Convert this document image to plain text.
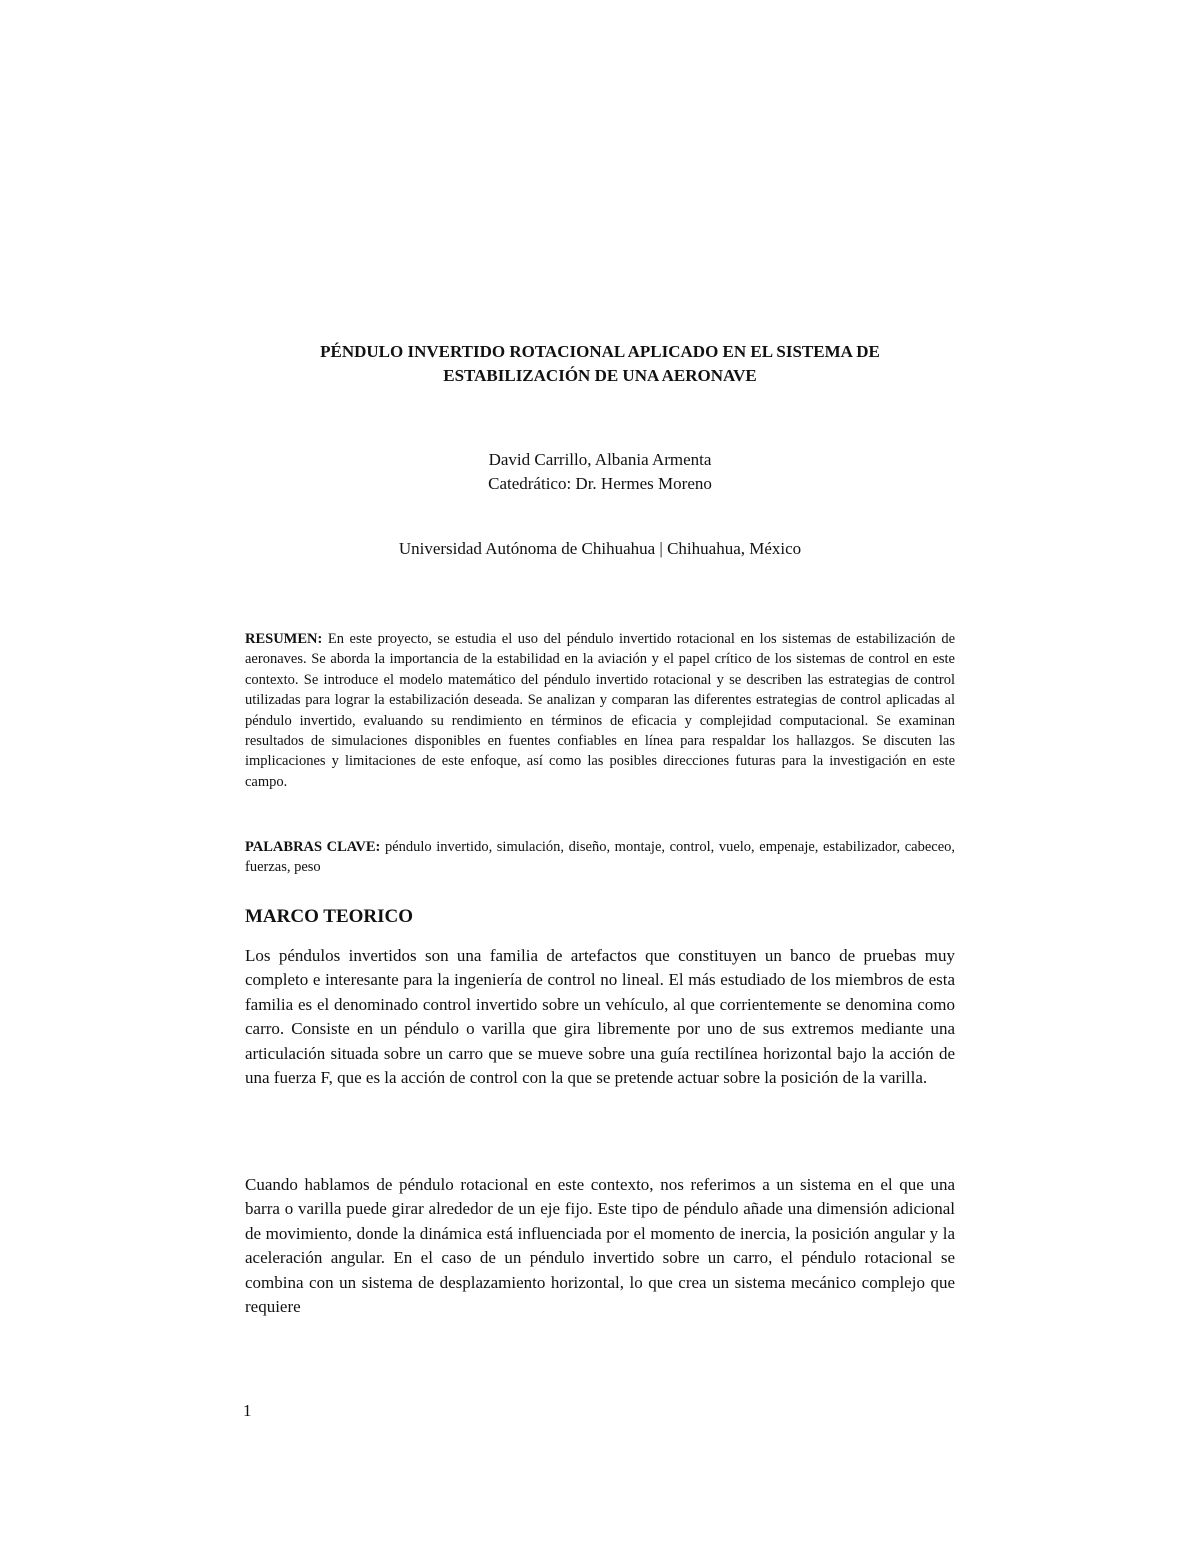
PÉNDULO INVERTIDO ROTACIONAL APLICADO EN EL SISTEMA DE
ESTABILIZACIÓN DE UNA AERONAVE
David Carrillo, Albania Armenta
Catedrático: Dr. Hermes Moreno
Universidad Autónoma de Chihuahua | Chihuahua, México

RESUMEN: En este proyecto, se estudia el uso del péndulo invertido rotacional en los sistemas de estabilización de aeronaves. Se aborda la importancia de la estabilidad en la aviación y el papel crítico de los sistemas de control en este contexto. Se introduce el modelo matemático del péndulo invertido rotacional y se describen las estrategias de control utilizadas para lograr la estabilización deseada. Se analizan y comparan las diferentes estrategias de control aplicadas al péndulo invertido, evaluando su rendimiento en términos de eficacia y complejidad computacional. Se examinan resultados de simulaciones disponibles en fuentes confiables en línea para respaldar los hallazgos. Se discuten las implicaciones y limitaciones de este enfoque, así como las posibles direcciones futuras para la investigación en este campo.

PALABRAS CLAVE: péndulo invertido, simulación, diseño, montaje, control, vuelo, empenaje, estabilizador, cabeceo, fuerzas, peso

MARCO TEORICO

Los péndulos invertidos son una familia de artefactos que constituyen un banco de pruebas muy completo e interesante para la ingeniería de control no lineal. El más estudiado de los miembros de esta familia es el denominado control invertido sobre un vehículo, al que corrientemente se denomina como carro. Consiste en un péndulo o varilla que gira libremente por uno de sus extremos mediante una articulación situada sobre un carro que se mueve sobre una guía rectilínea horizontal bajo la acción de una fuerza F, que es la acción de control con la que se pretende actuar sobre la posición de la varilla.

Cuando hablamos de péndulo rotacional en este contexto, nos referimos a un sistema en el que una barra o varilla puede girar alrededor de un eje fijo. Este tipo de péndulo añade una dimensión adicional de movimiento, donde la dinámica está influenciada por el momento de inercia, la posición angular y la aceleración angular. En el caso de un péndulo invertido sobre un carro, el péndulo rotacional se combina con un sistema de desplazamiento horizontal, lo que crea un sistema mecánico complejo que requiere

1
